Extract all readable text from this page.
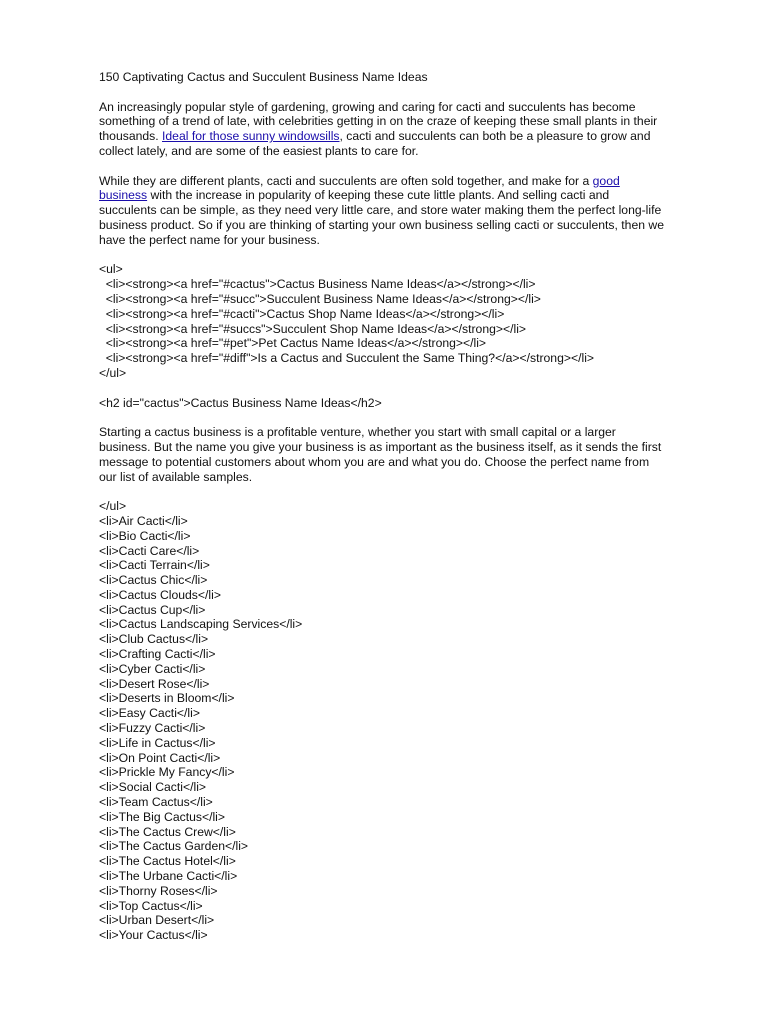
150 Captivating Cactus and Succulent Business Name Ideas

An increasingly popular style of gardening, growing and caring for cacti and succulents has become something of a trend of late, with celebrities getting in on the craze of keeping these small plants in their thousands. Ideal for those sunny windowsills, cacti and succulents can both be a pleasure to grow and collect lately, and are some of the easiest plants to care for.

While they are different plants, cacti and succulents are often sold together, and make for a good business with the increase in popularity of keeping these cute little plants. And selling cacti and succulents can be simple, as they need very little care, and store water making them the perfect long-life business product. So if you are thinking of starting your own business selling cacti or succulents, then we have the perfect name for your business.

<ul>
<li><strong><a href="#cactus">Cactus Business Name Ideas</a></strong></li>
<li><strong><a href="#succ">Succulent Business Name Ideas</a></strong></li>
<li><strong><a href="#cacti">Cactus Shop Name Ideas</a></strong></li>
<li><strong><a href="#succs">Succulent Shop Name Ideas</a></strong></li>
<li><strong><a href="#pet">Pet Cactus Name Ideas</a></strong></li>
<li><strong><a href="#diff">Is a Cactus and Succulent the Same Thing?</a></strong></li>
</ul>
<h2 id="cactus">Cactus Business Name Ideas</h2>

Starting a cactus business is a profitable venture, whether you start with small capital or a larger business. But the name you give your business is as important as the business itself, as it sends the first message to potential customers about whom you are and what you do. Choose the perfect name from our list of available samples.

</ul>
<li>Air Cacti</li>
<li>Bio Cacti</li>
<li>Cacti Care</li>
<li>Cacti Terrain</li>
<li>Cactus Chic</li>
<li>Cactus Clouds</li>
<li>Cactus Cup</li>
<li>Cactus Landscaping Services</li>
<li>Club Cactus</li>
<li>Crafting Cacti</li>
<li>Cyber Cacti</li>
<li>Desert Rose</li>
<li>Deserts in Bloom</li>
<li>Easy Cacti</li>
<li>Fuzzy Cacti</li>
<li>Life in Cactus</li>
<li>On Point Cacti</li>
<li>Prickle My Fancy</li>
<li>Social Cacti</li>
<li>Team Cactus</li>
<li>The Big Cactus</li>
<li>The Cactus Crew</li>
<li>The Cactus Garden</li>
<li>The Cactus Hotel</li>
<li>The Urbane Cacti</li>
<li>Thorny Roses</li>
<li>Top Cactus</li>
<li>Urban Desert</li>
<li>Your Cactus</li>
